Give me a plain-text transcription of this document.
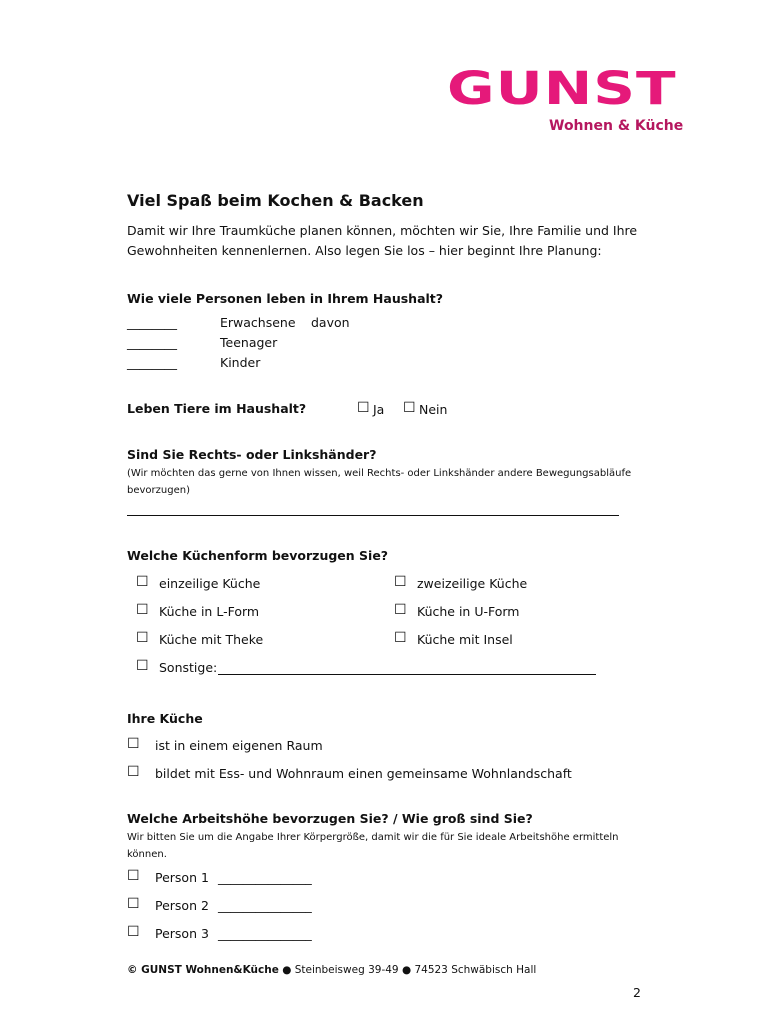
GUNST
Wohnen & Küche
Viel Spaß beim Kochen & Backen
Damit wir Ihre Traumküche planen können, möchten wir Sie, Ihre Familie und Ihre
Gewohnheiten kennenlernen. Also legen Sie los – hier beginnt Ihre Planung:
Wie viele Personen leben in Ihrem Haushalt?
________	Erwachsene davon
________	Teenager
________	Kinder
Leben Tiere im Haushalt?	☐ Ja ☐ Nein
Sind Sie Rechts- oder Linkshänder?
(Wir möchten das gerne von Ihnen wissen, weil Rechts- oder Linkshänder andere Bewegungsabläufe
bevorzugen)
Welche Küchenform bevorzugen Sie?
☐ einzeilige Küche	☐ zweizeilige Küche
☐ Küche in L-Form	☐ Küche in U-Form
☐ Küche mit Theke	☐ Küche mit Insel
☐ Sonstige:
Ihre Küche
☐ ist in einem eigenen Raum
☐ bildet mit Ess- und Wohnraum einen gemeinsame Wohnlandschaft
Welche Arbeitshöhe bevorzugen Sie? / Wie groß sind Sie?
Wir bitten Sie um die Angabe Ihrer Körpergröße, damit wir die für Sie ideale Arbeitshöhe ermitteln
können.
☐ Person 1 _______________
☐ Person 2 _______________
☐ Person 3 _______________
© GUNST Wohnen&Küche ● Steinbeisweg 39-49 ● 74523 Schwäbisch Hall
2
